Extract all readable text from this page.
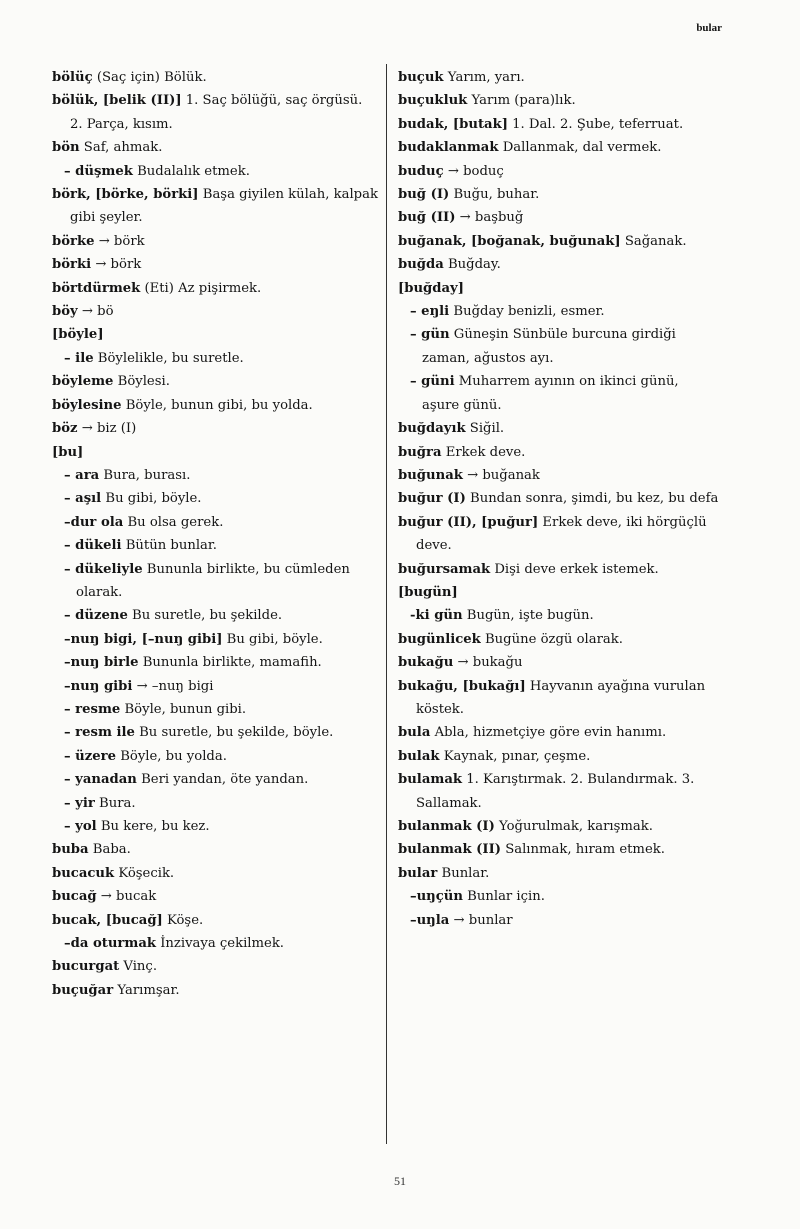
bular

bölüç (Saç için) Bölük.

bölük, [belik (II)] 1. Saç bölüğü, saç örgüsü. 2. Parça, kısım.

bön Saf, ahmak.

– düşmek Budalalık etmek.

börk, [börke, börki] Başa giyilen külah, kalpak gibi şeyler.

börke → börk

börki → börk

börtdürmek (Eti) Az pişirmek.

böy → bö

[böyle]

– ile Böylelikle, bu suretle.

böyleme Böylesi.

böylesine Böyle, bunun gibi, bu yolda.

böz → biz (I)

[bu]

– ara Bura, burası.

– aşıl Bu gibi, böyle.

–dur ola Bu olsa gerek.

– dükeli Bütün bunlar.

– dükeliyle Bununla birlikte, bu cümleden olarak.

– düzene Bu suretle, bu şekilde.

–nuŋ bigi, [–nuŋ gibi] Bu gibi, böyle.

–nuŋ birle Bununla birlikte, mamafih.

–nuŋ gibi → –nuŋ bigi

– resme Böyle, bunun gibi.

– resm ile Bu suretle, bu şekilde, böyle.

– üzere Böyle, bu yolda.

– yanadan Beri yandan, öte yandan.

– yir Bura.

– yol Bu kere, bu kez.

buba Baba.

bucacuk Köşecik.

bucağ → bucak

bucak, [bucağ] Köşe.

–da oturmak İnzivaya çekilmek.

bucurgat Vinç.

buçuğar Yarımşar.

buçuk Yarım, yarı.

buçukluk Yarım (para)lık.

budak, [butak] 1. Dal. 2. Şube, teferruat.

budaklanmak Dallanmak, dal vermek.

buduç → boduç

buğ (I) Buğu, buhar.

buğ (II) → başbuğ

buğanak, [boğanak, buğunak] Sağanak.

buğda Buğday.

[buğday]

– eŋli Buğday benizli, esmer.

– gün Güneşin Sünbüle burcuna girdiği zaman, ağustos ayı.

– güni Muharrem ayının on ikinci günü, aşure günü.

buğdayık Siğil.

buğra Erkek deve.

buğunak → buğanak

buğur (I) Bundan sonra, şimdi, bu kez, bu defa

buğur (II), [puğur] Erkek deve, iki hörgüçlü deve.

buğursamak Dişi deve erkek istemek.

[bugün]

-ki gün Bugün, işte bugün.

bugünlicek Bugüne özgü olarak.

bukağu → bukağu

bukağu, [bukağı] Hayvanın ayağına vurulan köstek.

bula Abla, hizmetçiye göre evin hanımı.

bulak Kaynak, pınar, çeşme.

bulamak 1. Karıştırmak. 2. Bulandırmak. 3. Sallamak.

bulanmak (I) Yoğurulmak, karışmak.

bulanmak (II) Salınmak, hıram etmek.

bular Bunlar.

–uŋçün Bunlar için.

–uŋla → bunlar

51
